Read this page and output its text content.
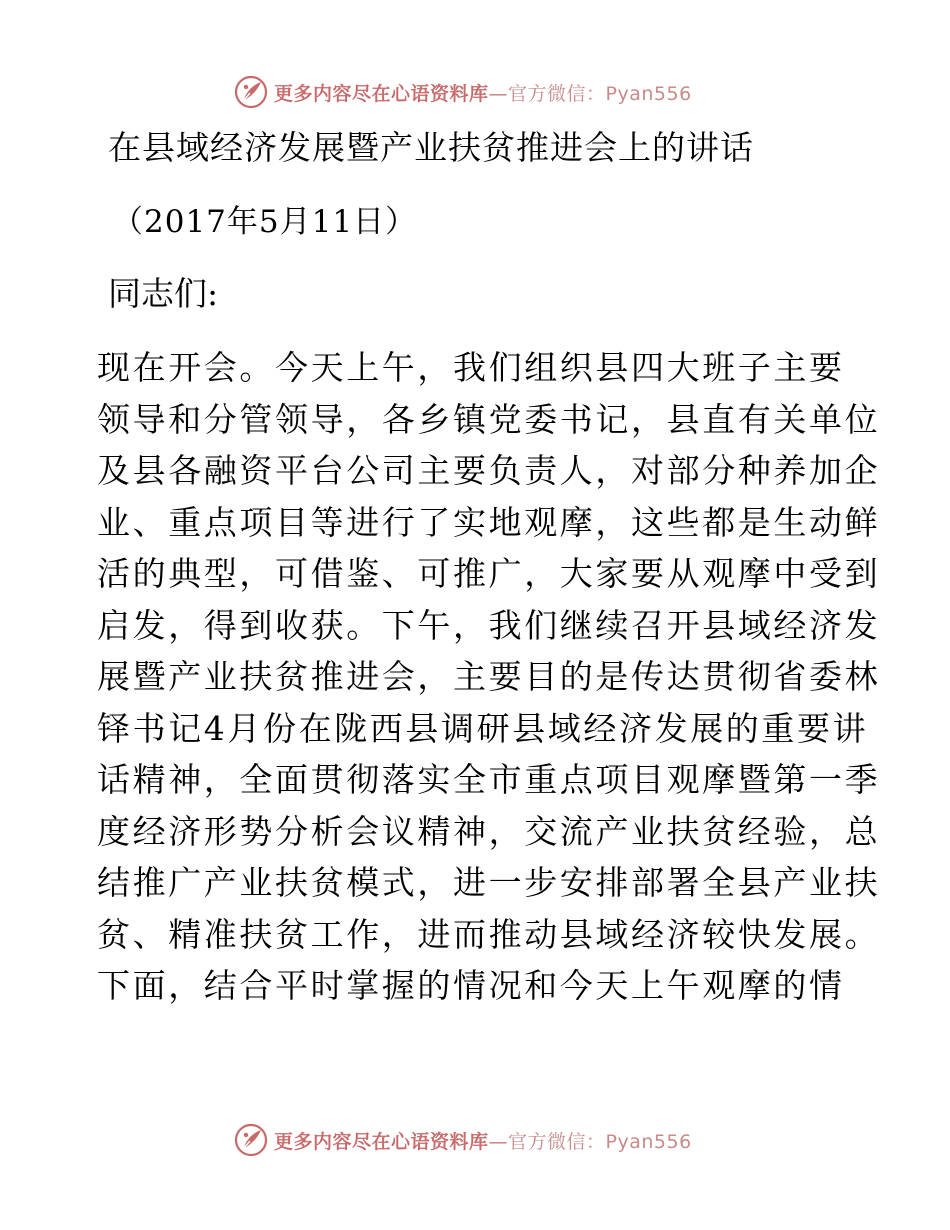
更多内容尽在心语资料库—官方微信：Pyan556
在县域经济发展暨产业扶贫推进会上的讲话
（2017年5月11日）
同志们:
现在开会。今天上午，我们组织县四大班子主要
领导和分管领导，各乡镇党委书记，县直有关单位
及县各融资平台公司主要负责人，对部分种养加企
业、重点项目等进行了实地观摩，这些都是生动鲜
活的典型，可借鉴、可推广，大家要从观摩中受到
启发，得到收获。下午，我们继续召开县域经济发
展暨产业扶贫推进会，主要目的是传达贯彻省委林
铎书记4月份在陇西县调研县域经济发展的重要讲
话精神，全面贯彻落实全市重点项目观摩暨第一季
度经济形势分析会议精神，交流产业扶贫经验，总
结推广产业扶贫模式，进一步安排部署全县产业扶
贫、精准扶贫工作，进而推动县域经济较快发展。
下面，结合平时掌握的情况和今天上午观摩的情
更多内容尽在心语资料库—官方微信：Pyan556
